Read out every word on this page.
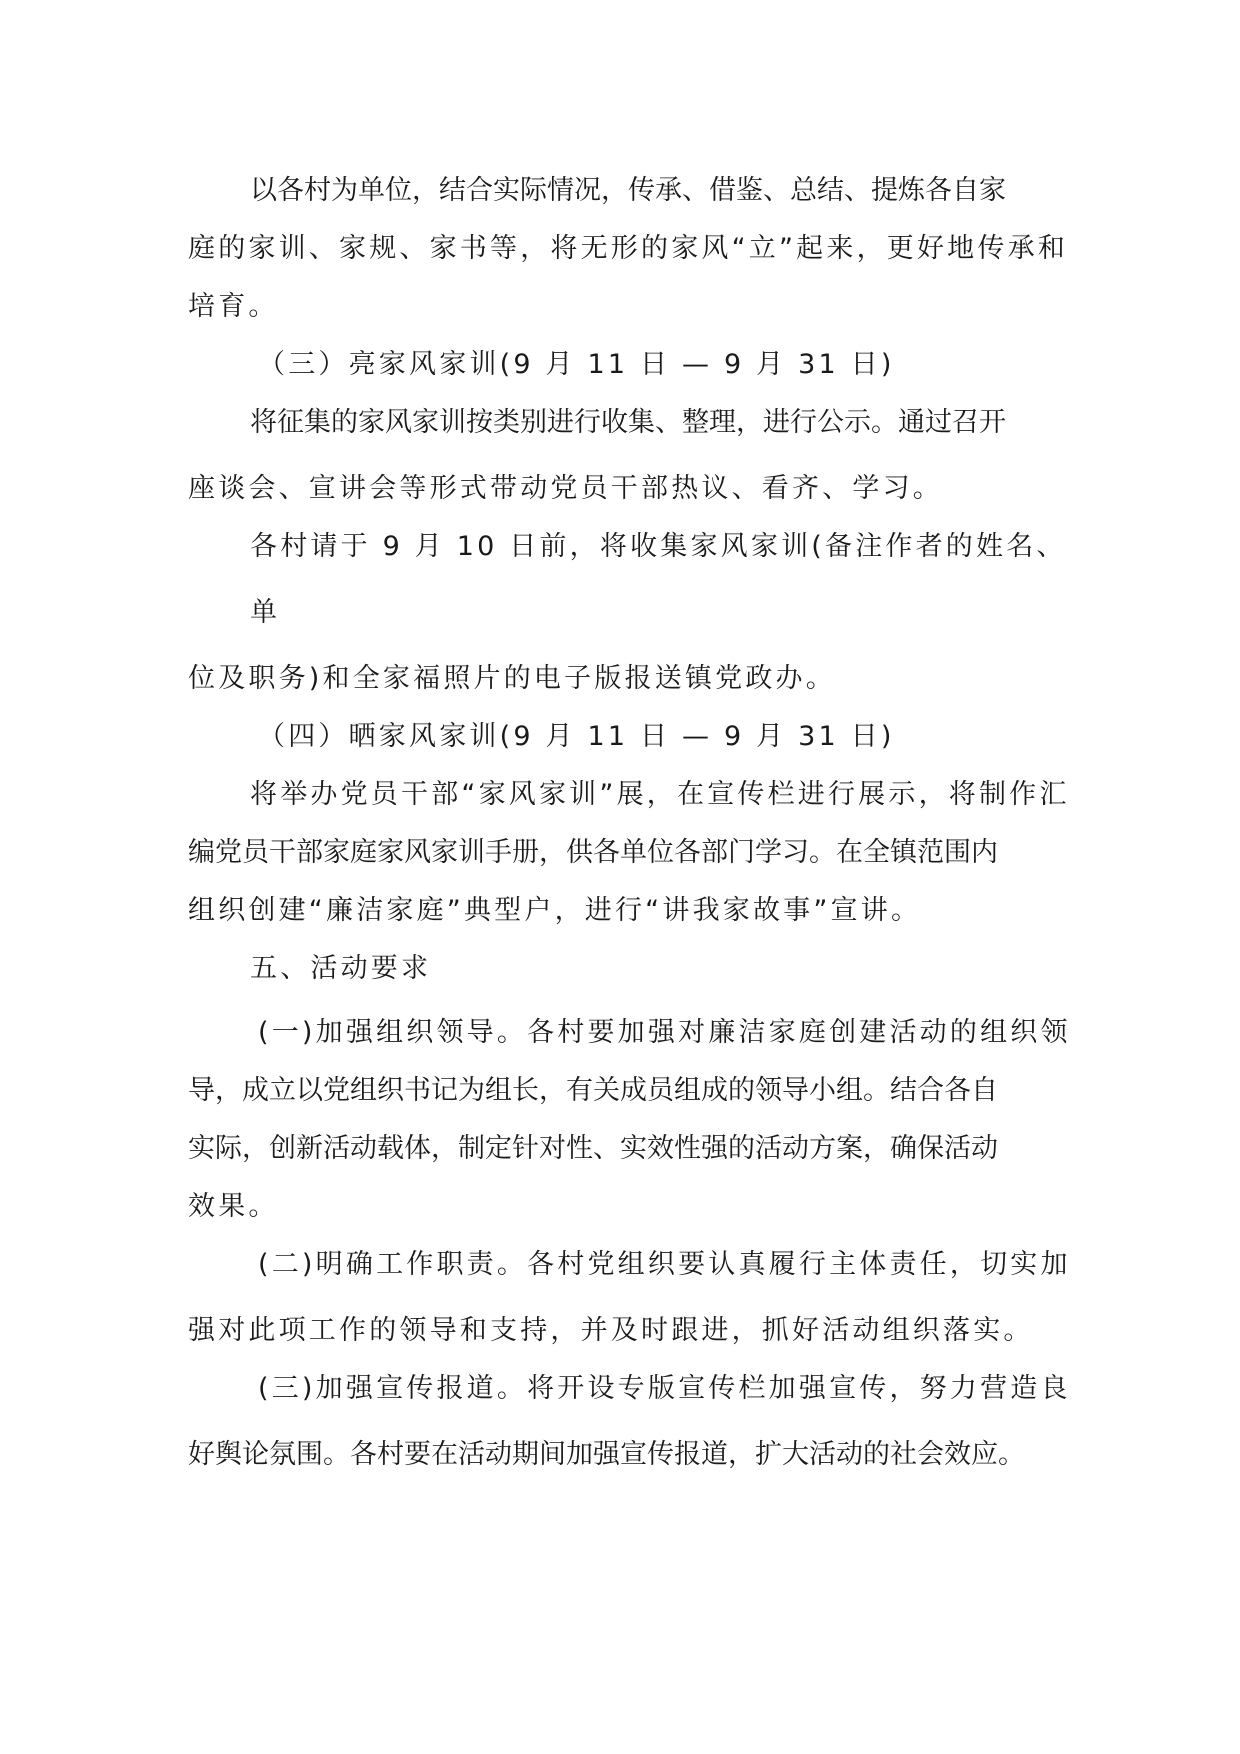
以各村为单位，结合实际情况，传承、借鉴、总结、提炼各自家
庭的家训、家规、家书等，将无形的家风“立”起来，更好地传承和
培育。
（三）亮家风家训(9 月 11 日 — 9 月 31 日)
将征集的家风家训按类别进行收集、整理，进行公示。通过召开
座谈会、宣讲会等形式带动党员干部热议、看齐、学习。
各村请于 9 月 10 日前，将收集家风家训(备注作者的姓名、
单
位及职务)和全家福照片的电子版报送镇党政办。
（四）晒家风家训(9 月 11 日 — 9 月 31 日)
将举办党员干部“家风家训”展，在宣传栏进行展示，将制作汇
编党员干部家庭家风家训手册，供各单位各部门学习。在全镇范围内
组织创建“廉洁家庭”典型户，进行“讲我家故事”宣讲。
五、活动要求
(一)加强组织领导。各村要加强对廉洁家庭创建活动的组织领
导，成立以党组织书记为组长，有关成员组成的领导小组。结合各自
实际，创新活动载体，制定针对性、实效性强的活动方案，确保活动
效果。
(二)明确工作职责。各村党组织要认真履行主体责任，切实加
强对此项工作的领导和支持，并及时跟进，抓好活动组织落实。
(三)加强宣传报道。将开设专版宣传栏加强宣传，努力营造良
好舆论氛围。各村要在活动期间加强宣传报道，扩大活动的社会效应。
